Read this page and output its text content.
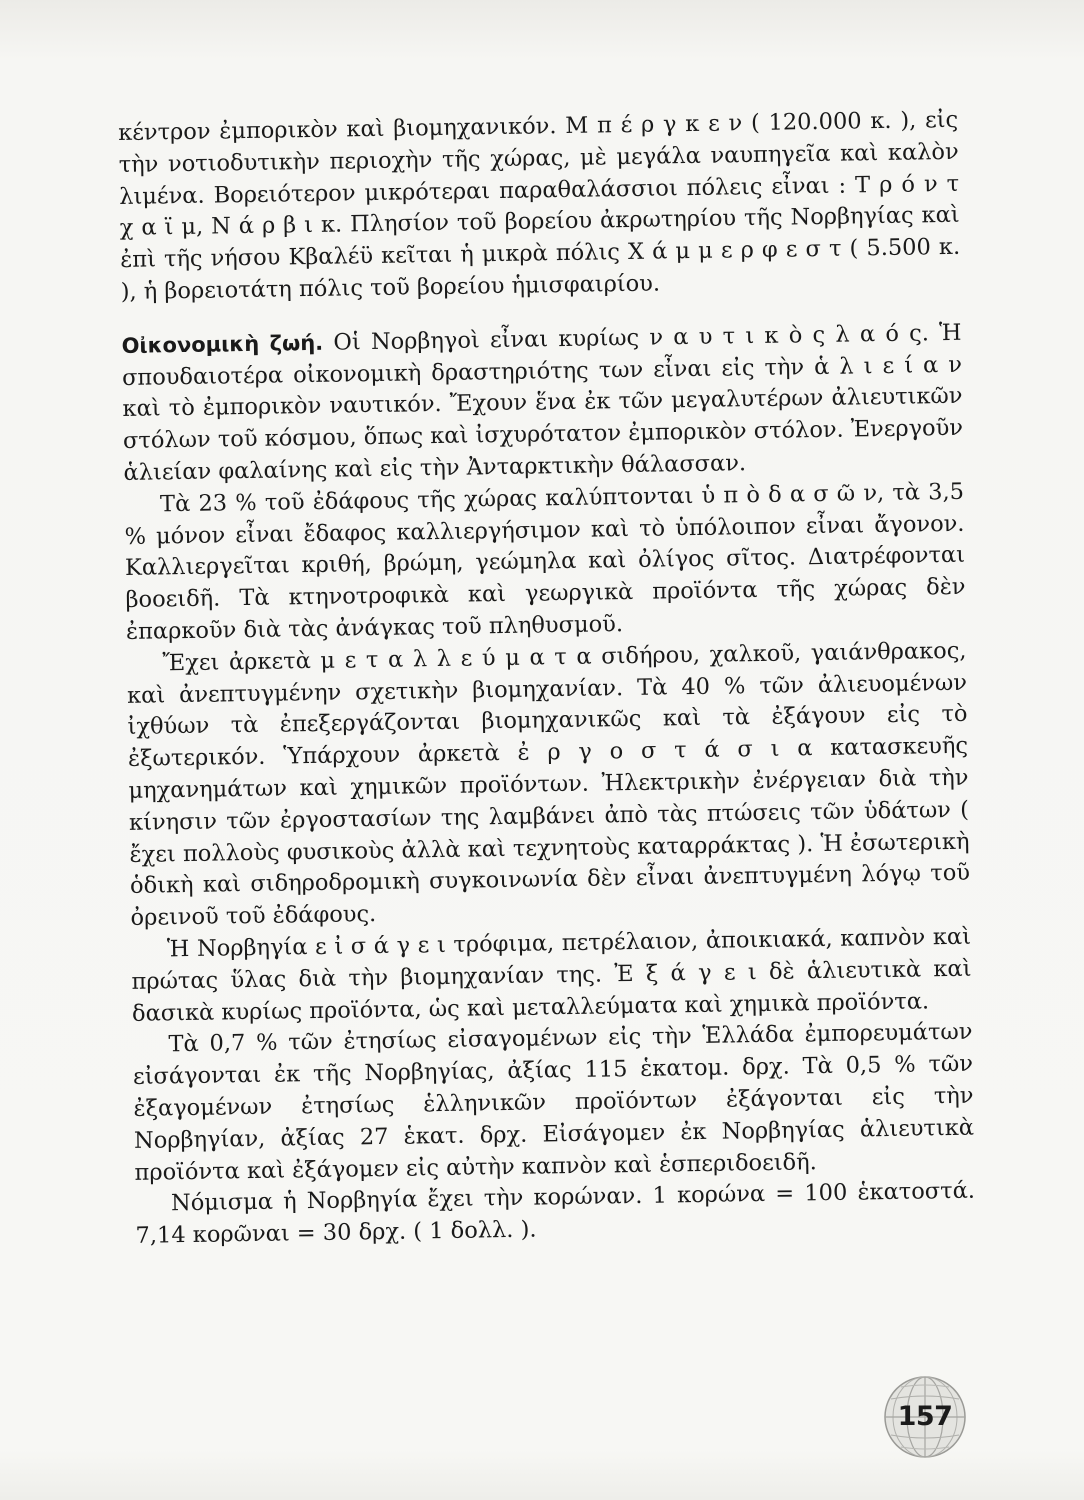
κέντρον ἐμπορικὸν καὶ βιομηχανικόν. Μ π έ ρ γ κ ε ν ( 120.000 κ. ), εἰς τὴν νοτιοδυτικὴν περιοχὴν τῆς χώρας, μὲ μεγάλα ναυπηγεῖα καὶ καλὸν λιμένα. Βορειότερον μικρότεραι παραθαλάσσιοι πόλεις εἶναι : Τ ρ ό ν τ χ α ϊ μ, Ν ά ρ β ι κ. Πλησίον τοῦ βορείου ἀκρωτηρίου τῆς Νορβηγίας καὶ ἐπὶ τῆς νήσου Κβαλέϋ κεῖται ἡ μικρὰ πόλις Χ ά μ μ ε ρ φ ε σ τ ( 5.500 κ. ), ἡ βορειοτάτη πόλις τοῦ βορείου ἡμισφαιρίου.

Οἰκονομικὴ ζωή. Οἱ Νορβηγοὶ εἶναι κυρίως ν α υ τ ι κ ὸ ς λ α ό ς. Ἡ σπουδαιοτέρα οἰκονομικὴ δραστηριότης των εἶναι εἰς τὴν ἁ λ ι ε ί α ν καὶ τὸ ἐμπορικὸν ναυτικόν. Ἔχουν ἕνα ἐκ τῶν μεγαλυτέρων ἀλιευτικῶν στόλων τοῦ κόσμου, ὅπως καὶ ἰσχυρότατον ἐμπορικὸν στόλον. Ἐνεργοῦν ἁλιείαν φαλαίνης καὶ εἰς τὴν Ἀνταρκτικὴν θάλασσαν.

Τὰ 23 % τοῦ ἐδάφους τῆς χώρας καλύπτονται ὑ π ὸ δ α σ ῶ ν, τὰ 3,5 % μόνον εἶναι ἔδαφος καλλιεργήσιμον καὶ τὸ ὑπόλοιπον εἶναι ἄγονον. Καλλιεργεῖται κριθή, βρώμη, γεώμηλα καὶ ὀλίγος σῖτος. Διατρέφονται βοοειδῆ. Τὰ κτηνοτροφικὰ καὶ γεωργικὰ προϊόντα τῆς χώρας δὲν ἐπαρκοῦν διὰ τὰς ἀνάγκας τοῦ πληθυσμοῦ.

Ἔχει ἀρκετὰ μ ε τ α λ λ ε ύ μ α τ α σιδήρου, χαλκοῦ, γαιάνθρακος, καὶ ἀνεπτυγμένην σχετικὴν βιομηχανίαν. Τὰ 40 % τῶν ἀλιευομένων ἰχθύων τὰ ἐπεξεργάζονται βιομηχανικῶς καὶ τὰ ἐξάγουν εἰς τὸ ἐξωτερικόν. Ὑπάρχουν ἀρκετὰ ἐ ρ γ ο σ τ ά σ ι α κατασκευῆς μηχανημάτων καὶ χημικῶν προϊόντων. Ἠλεκτρικὴν ἐνέργειαν διὰ τὴν κίνησιν τῶν ἐργοστασίων της λαμβάνει ἀπὸ τὰς πτώσεις τῶν ὑδάτων ( ἔχει πολλοὺς φυσικοὺς ἀλλὰ καὶ τεχνητοὺς καταρράκτας ). Ἡ ἐσωτερικὴ ὁδικὴ καὶ σιδηροδρομικὴ συγκοινωνία δὲν εἶναι ἀνεπτυγμένη λόγῳ τοῦ ὀρεινοῦ τοῦ ἐδάφους.

Ἡ Νορβηγία ε ἰ σ ά γ ε ι τρόφιμα, πετρέλαιον, ἀποικιακά, καπνὸν καὶ πρώτας ὕλας διὰ τὴν βιομηχανίαν της. Ἐ ξ ά γ ε ι δὲ ἁλιευτικὰ καὶ δασικὰ κυρίως προϊόντα, ὡς καὶ μεταλλεύματα καὶ χημικὰ προϊόντα.

Τὰ 0,7 % τῶν ἐτησίως εἰσαγομένων εἰς τὴν Ἑλλάδα ἐμπορευμάτων εἰσάγονται ἐκ τῆς Νορβηγίας, ἀξίας 115 ἑκατομ. δρχ. Τὰ 0,5 % τῶν ἐξαγομένων ἐτησίως ἑλληνικῶν προϊόντων ἐξάγονται εἰς τὴν Νορβηγίαν, ἀξίας 27 ἑκατ. δρχ. Εἰσάγομεν ἐκ Νορβηγίας ἁλιευτικὰ προϊόντα καὶ ἐξάγομεν εἰς αὐτὴν καπνὸν καὶ ἑσπεριδοειδῆ.

Νόμισμα ἡ Νορβηγία ἔχει τὴν κορώναν. 1 κορώνα = 100 ἑκατοστά. 7,14 κορῶναι = 30 δρχ. ( 1 δολλ. ).

157
